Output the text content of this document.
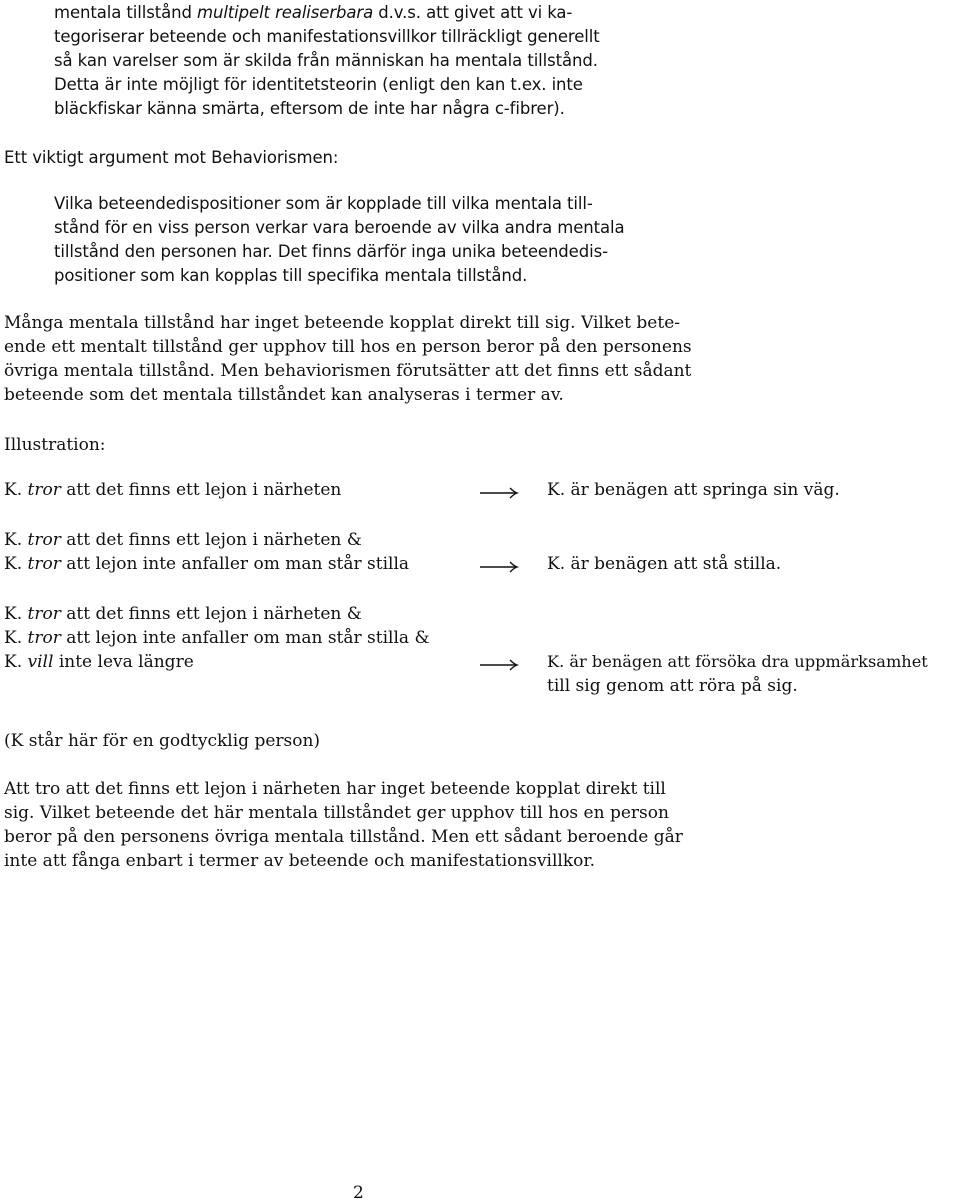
mentala tillstånd multipelt realiserbara d.v.s. att givet att vi ka-
tegoriserar beteende och manifestationsvillkor tillräckligt generellt
så kan varelser som är skilda från människan ha mentala tillstånd.
Detta är inte möjligt för identitetsteorin (enligt den kan t.ex. inte
bläckfiskar känna smärta, eftersom de inte har några c-fibrer).
Ett viktigt argument mot Behaviorismen:
Vilka beteendedispositioner som är kopplade till vilka mentala till-
stånd för en viss person verkar vara beroende av vilka andra mentala
tillstånd den personen har. Det finns därför inga unika beteendedis-
positioner som kan kopplas till specifika mentala tillstånd.
Många mentala tillstånd har inget beteende kopplat direkt till sig. Vilket bete-
ende ett mentalt tillstånd ger upphov till hos en person beror på den personens
övriga mentala tillstånd. Men behaviorismen förutsätter att det finns ett sådant
beteende som det mentala tillståndet kan analyseras i termer av.
Illustration:
K. tror att det finns ett lejon i närheten	K. är benägen att springa sin väg.
K. tror att det finns ett lejon i närheten &
K. tror att lejon inte anfaller om man står stilla	K. är benägen att stå stilla.
K. tror att det finns ett lejon i närheten &
K. tror att lejon inte anfaller om man står stilla &
K. vill inte leva längre	K. är benägen att försöka dra uppmärksamhet
till sig genom att röra på sig.
(K står här för en godtycklig person)
Att tro att det finns ett lejon i närheten har inget beteende kopplat direkt till
sig. Vilket beteende det här mentala tillståndet ger upphov till hos en person
beror på den personens övriga mentala tillstånd. Men ett sådant beroende går
inte att fånga enbart i termer av beteende och manifestationsvillkor.
2
